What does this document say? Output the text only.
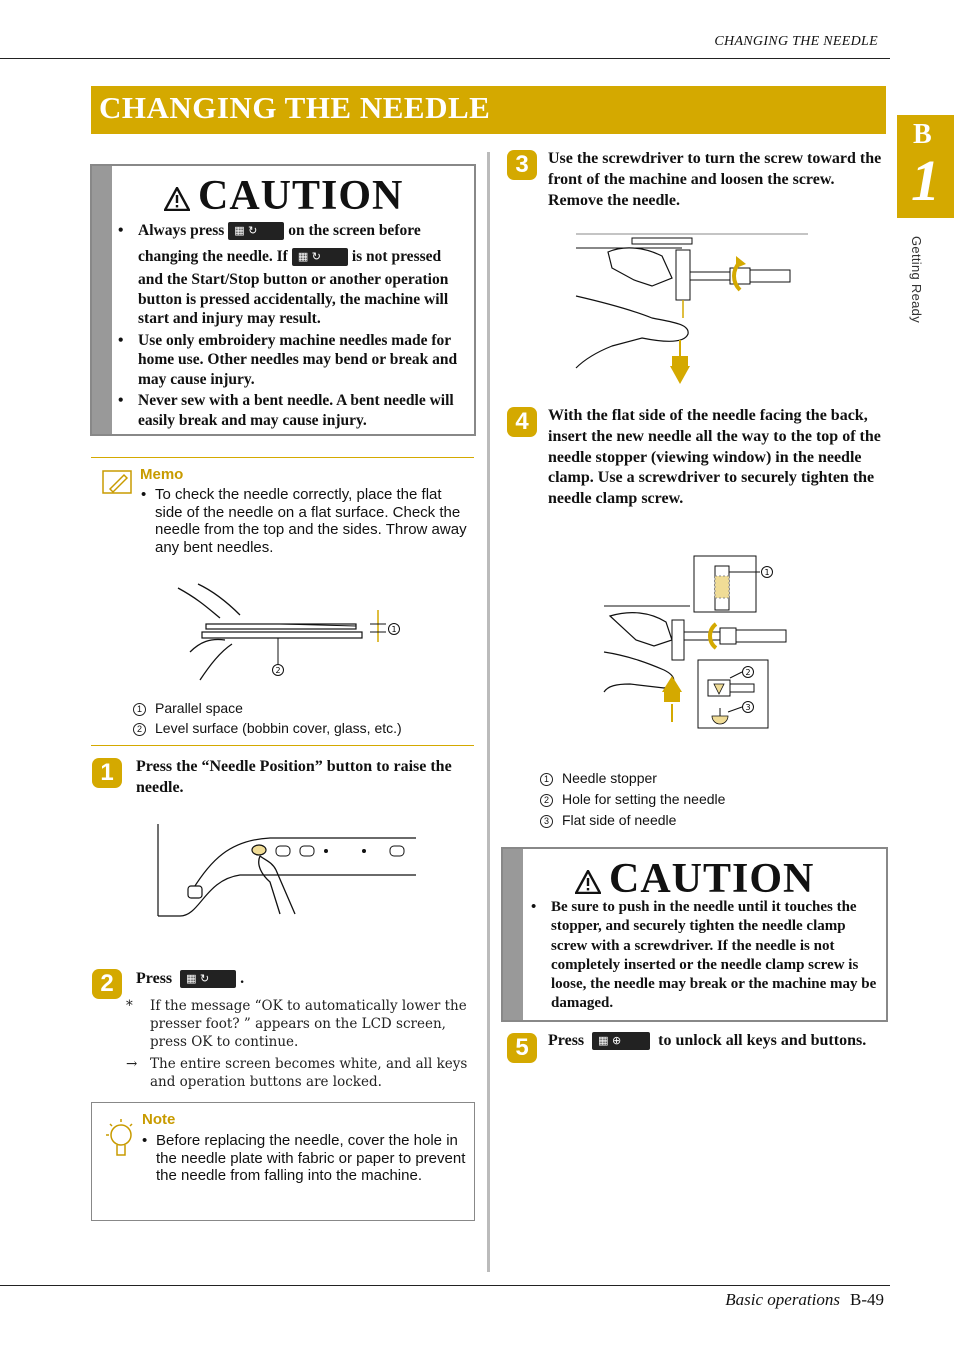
CHANGING THE NEEDLE
CHANGING THE NEEDLE
B
1
Getting Ready
CAUTION
• Always press ▦ ↻ on the screen before changing the needle. If ▦ ↻ is not pressed
and the Start/Stop button or another operation button is pressed accidentally, the machine will start and injury may result.
• Use only embroidery machine needles made for home use. Other needles may bend or break and may cause injury.
• Never sew with a bent needle. A bent needle will easily break and may cause injury.
Memo
• To check the needle correctly, place the flat side of the needle on a flat surface. Check the needle from the top and the sides. Throw away any bent needles.
1
2
1 Parallel space
2 Level surface (bobbin cover, glass, etc.)
1	Press the “Needle Position” button to raise the needle.
2	Press ▦ ↻ .
*	If the message “OK to automatically lower the presser foot? ” appears on the LCD screen, press OK to continue.
→ The entire screen becomes white, and all keys and operation buttons are locked.
Note
• Before replacing the needle, cover the hole in the needle plate with fabric or paper to prevent the needle from falling into the machine.
3	Use the screwdriver to turn the screw toward the front of the machine and loosen the screw. Remove the needle.
4	With the flat side of the needle facing the back, insert the new needle all the way to the top of the needle stopper (viewing window) in the needle clamp. Use a screwdriver to securely tighten the needle clamp screw.
1
2
3
1 Needle stopper
2 Hole for setting the needle
3 Flat side of needle
CAUTION
• Be sure to push in the needle until it touches the stopper, and securely tighten the needle clamp screw with a screwdriver. If the needle is not completely inserted or the needle clamp screw is loose, the needle may break or the machine may be damaged.
5	Press ▦ ⊕ to unlock all keys and buttons.
Basic operations B-49
